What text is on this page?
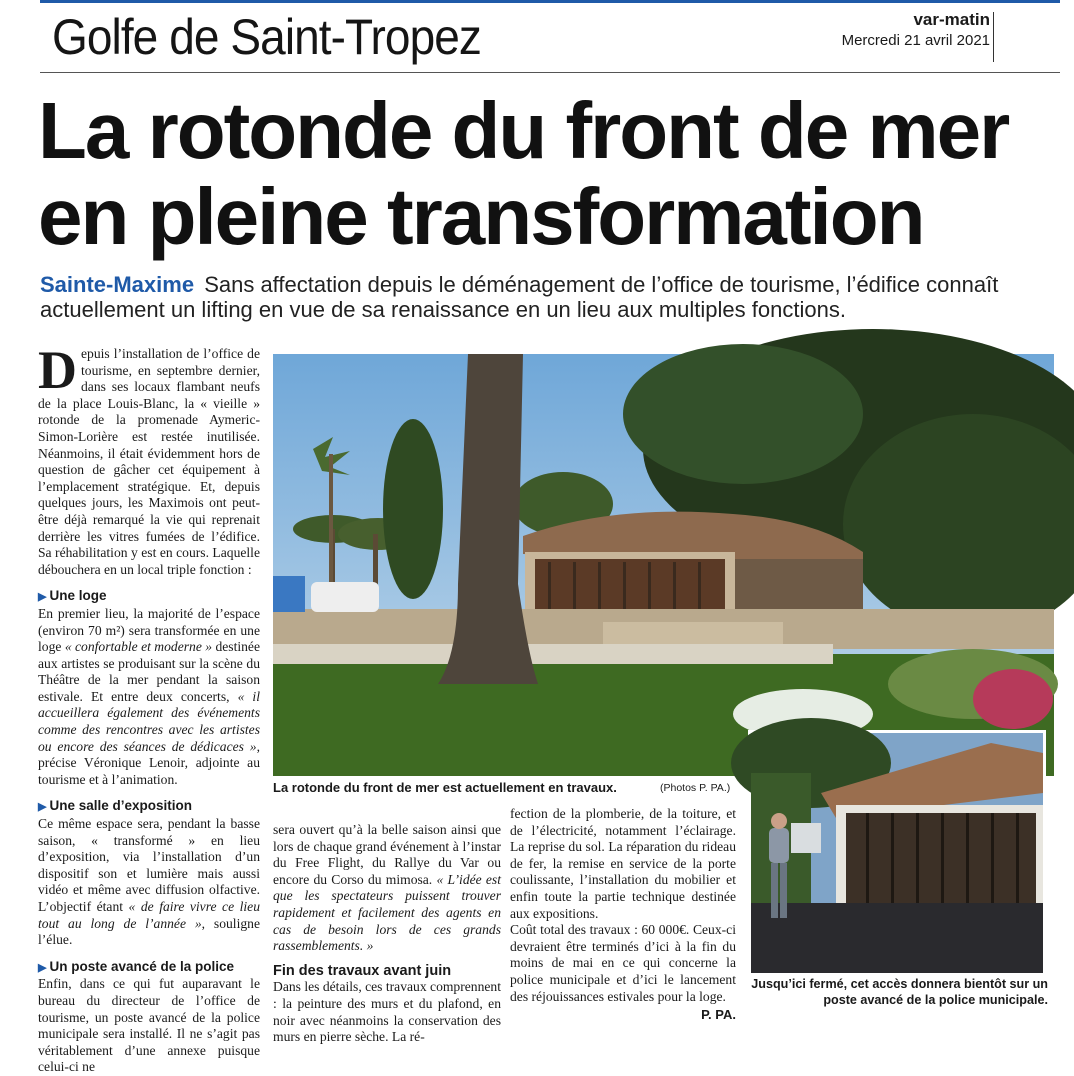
Golfe de Saint-Tropez	var-matin
Mercredi 21 avril 2021
La rotonde du front de mer
en pleine transformation
Sainte-Maxime Sans affectation depuis le déménagement de l’office de tourisme, l’édifice connaît actuellement un lifting en vue de sa renaissance en un lieu aux multiples fonctions.

Depuis l’installation de l’office de tourisme, en septembre dernier, dans ses locaux flambant neufs de la place Louis-Blanc, la « vieille » rotonde de la promenade Aymeric-Simon-Lorière est restée inutilisée. Néanmoins, il était évidemment hors de question de gâcher cet équipement à l’emplacement stratégique. Et, depuis quelques jours, les Maximois ont peut-être déjà remarqué la vie qui reprenait derrière les vitres fumées de l’édifice. Sa réhabilitation y est en cours. Laquelle débouchera en un local triple fonction :

▶ Une loge

En premier lieu, la majorité de l’espace (environ 70 m²) sera transformée en une loge « confortable et moderne » destinée aux artistes se produisant sur la scène du Théâtre de la mer pendant la saison estivale. Et entre deux concerts, « il accueillera également des événements comme des rencontres avec les artistes ou encore des séances de dédicaces », précise Véronique Lenoir, adjointe au tourisme et à l’animation.

▶ Une salle d’exposition

Ce même espace sera, pendant la basse saison, « transformé » en lieu d’exposition, via l’installation d’un dispositif son et lumière mais aussi vidéo et même avec diffusion olfactive. L’objectif étant « de faire vivre ce lieu tout au long de l’année », souligne l’élue.

▶ Un poste avancé de la police

Enfin, dans ce qui fut auparavant le bureau du directeur de l’office de tourisme, un poste avancé de la police municipale sera installé. Il ne s’agit pas véritablement d’une annexe puisque celui-ci ne

sera ouvert qu’à la belle saison ainsi que lors de chaque grand événement à l’instar du Free Flight, du Rallye du Var ou encore du Corso du mimosa. « L’idée est que les spectateurs puissent trouver rapidement et facilement des agents en cas de besoin lors de ces grands rassemblements. »

Fin des travaux avant juin

Dans les détails, ces travaux comprennent : la peinture des murs et du plafond, en noir avec néanmoins la conservation des murs en pierre sèche. La ré-

fection de la plomberie, de la toiture, et de l’électricité, notamment l’éclairage. La reprise du sol. La réparation du rideau de fer, la remise en service de la porte coulissante, l’installation du mobilier et enfin toute la partie technique destinée aux expositions.

Coût total des travaux : 60 000€. Ceux-ci devraient être terminés d’ici à la fin du moins de mai en ce qui concerne la police municipale et d’ici le lancement des réjouissances estivales pour la loge.

P. PA.
La rotonde du front de mer est actuellement en travaux.	(Photos P. PA.)
Jusqu’ici fermé, cet accès donnera bientôt sur un poste avancé de la police municipale.
